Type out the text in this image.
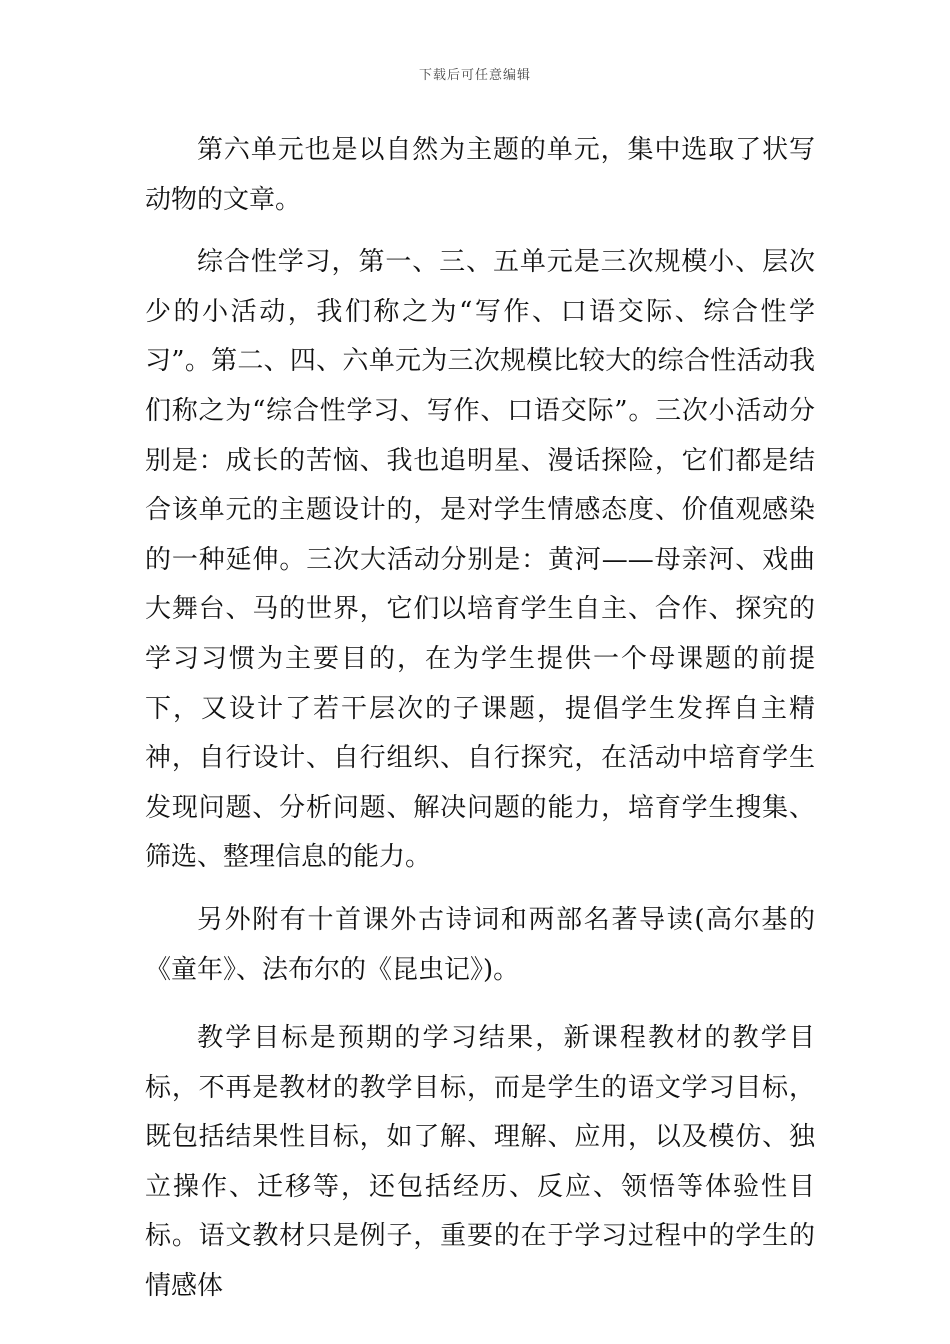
下载后可任意编辑

第六单元也是以自然为主题的单元，集中选取了状写动物的文章。

综合性学习，第一、三、五单元是三次规模小、层次少的小活动，我们称之为“写作、口语交际、综合性学习”。第二、四、六单元为三次规模比较大的综合性活动我们称之为“综合性学习、写作、口语交际”。三次小活动分别是：成长的苦恼、我也追明星、漫话探险，它们都是结合该单元的主题设计的，是对学生情感态度、价值观感染的一种延伸。三次大活动分别是：黄河——母亲河、戏曲大舞台、马的世界，它们以培育学生自主、合作、探究的学习习惯为主要目的，在为学生提供一个母课题的前提下，又设计了若干层次的子课题，提倡学生发挥自主精神，自行设计、自行组织、自行探究，在活动中培育学生发现问题、分析问题、解决问题的能力，培育学生搜集、筛选、整理信息的能力。

另外附有十首课外古诗词和两部名著导读(高尔基的《童年》、法布尔的《昆虫记》)。

教学目标是预期的学习结果，新课程教材的教学目标，不再是教材的教学目标，而是学生的语文学习目标，既包括结果性目标，如了解、理解、应用，以及模仿、独立操作、迁移等，还包括经历、反应、领悟等体验性目标。语文教材只是例子，重要的在于学习过程中的学生的情感体
